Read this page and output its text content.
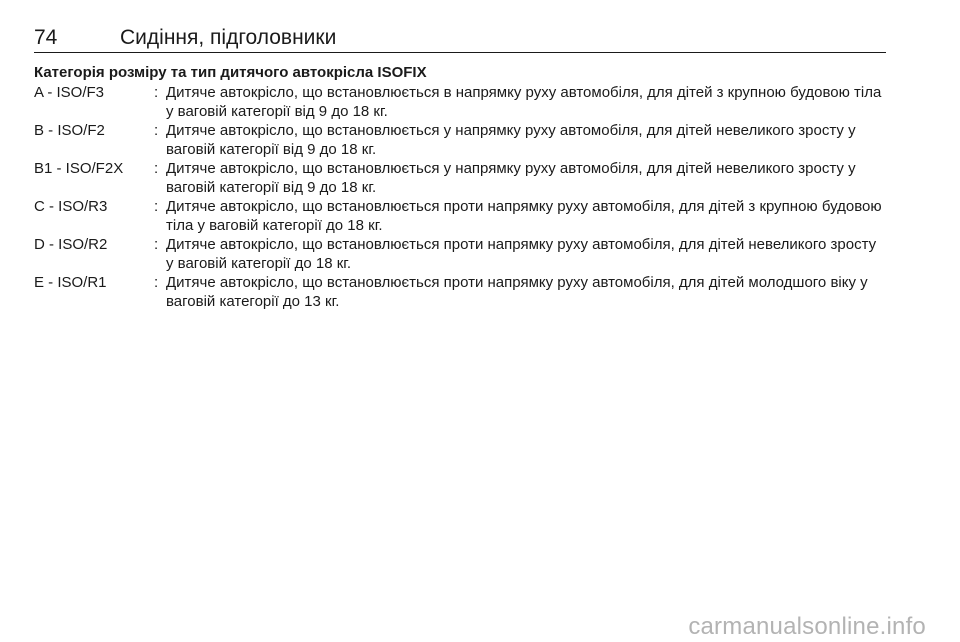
74	Сидіння, підголовники
Категорія розміру та тип дитячого автокрісла ISOFIX
A - ISO/F3	: Дитяче автокрісло, що встановлюється в напрямку руху автомобіля, для дітей з крупною будовою тіла у ваговій категорії від 9 до 18 кг.
B - ISO/F2	: Дитяче автокрісло, що встановлюється у напрямку руху автомобіля, для дітей невеликого зросту у ваговій категорії від 9 до 18 кг.
B1 - ISO/F2X	: Дитяче автокрісло, що встановлюється у напрямку руху автомобіля, для дітей невеликого зросту у ваговій категорії від 9 до 18 кг.
C - ISO/R3	: Дитяче автокрісло, що встановлюється проти напрямку руху автомобіля, для дітей з крупною будовою тіла у ваговій категорії до 18 кг.
D - ISO/R2	: Дитяче автокрісло, що встановлюється проти напрямку руху автомобіля, для дітей невеликого зросту у ваговій категорії до 18 кг.
E - ISO/R1	: Дитяче автокрісло, що встановлюється проти напрямку руху автомобіля, для дітей молодшого віку у ваговій категорії до 13 кг.
carmanualsonline.info
